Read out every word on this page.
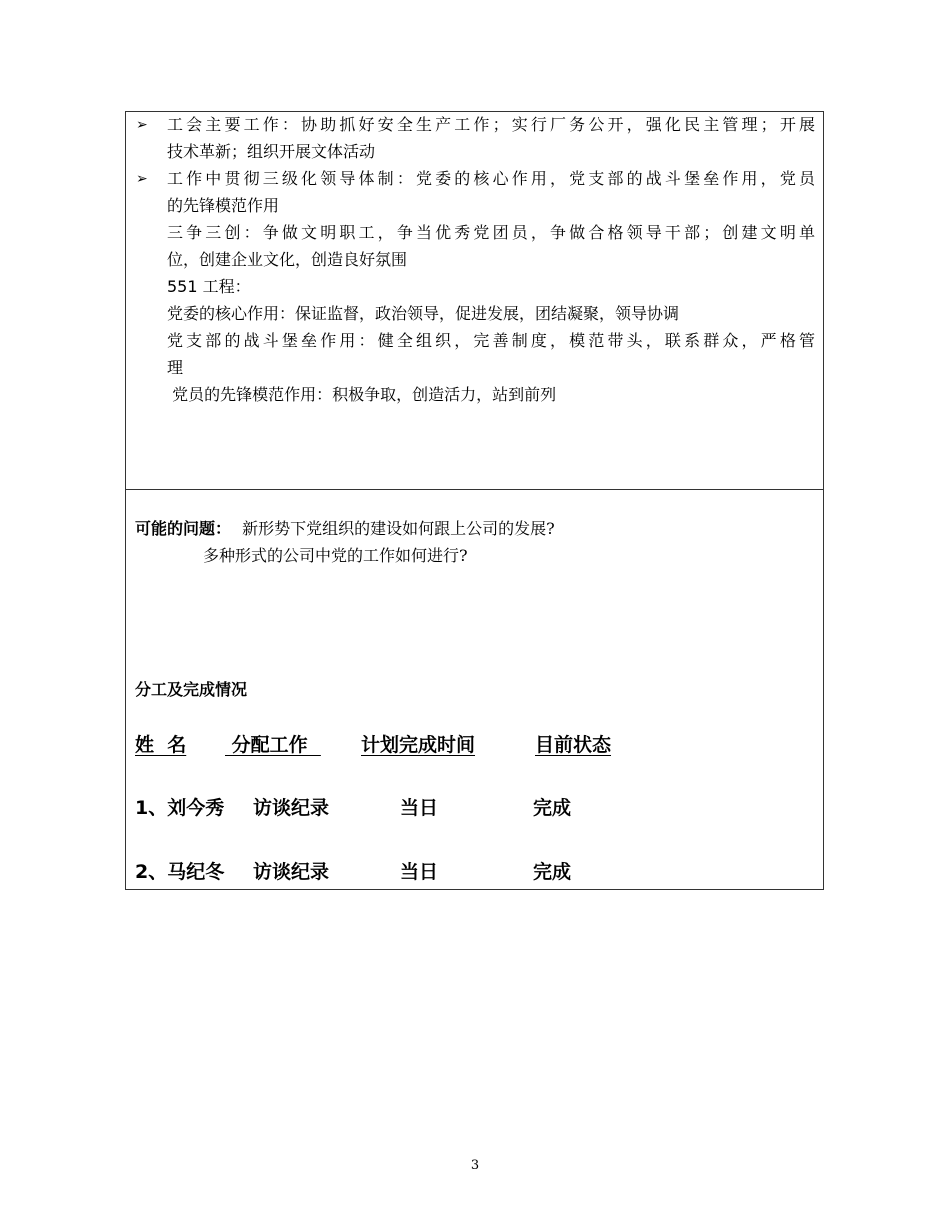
➢ 工会主要工作：协助抓好安全生产工作；实行厂务公开，强化民主管理；开展
技术革新；组织开展文体活动
➢ 工作中贯彻三级化领导体制：党委的核心作用，党支部的战斗堡垒作用，党员
的先锋模范作用
三争三创：争做文明职工，争当优秀党团员，争做合格领导干部；创建文明单
位，创建企业文化，创造良好氛围
551 工程：
党委的核心作用：保证监督，政治领导，促进发展，团结凝聚，领导协调
党支部的战斗堡垒作用：健全组织，完善制度，模范带头，联系群众，严格管
理
党员的先锋模范作用：积极争取，创造活力，站到前列
可能的问题： 新形势下党组织的建设如何跟上公司的发展?
多种形式的公司中党的工作如何进行?
分工及完成情况
姓  名 分配工作 计划完成时间	目前状态
1、刘今秀 访谈纪录	当日	完成
2、马纪冬 访谈纪录	当日	完成
3
